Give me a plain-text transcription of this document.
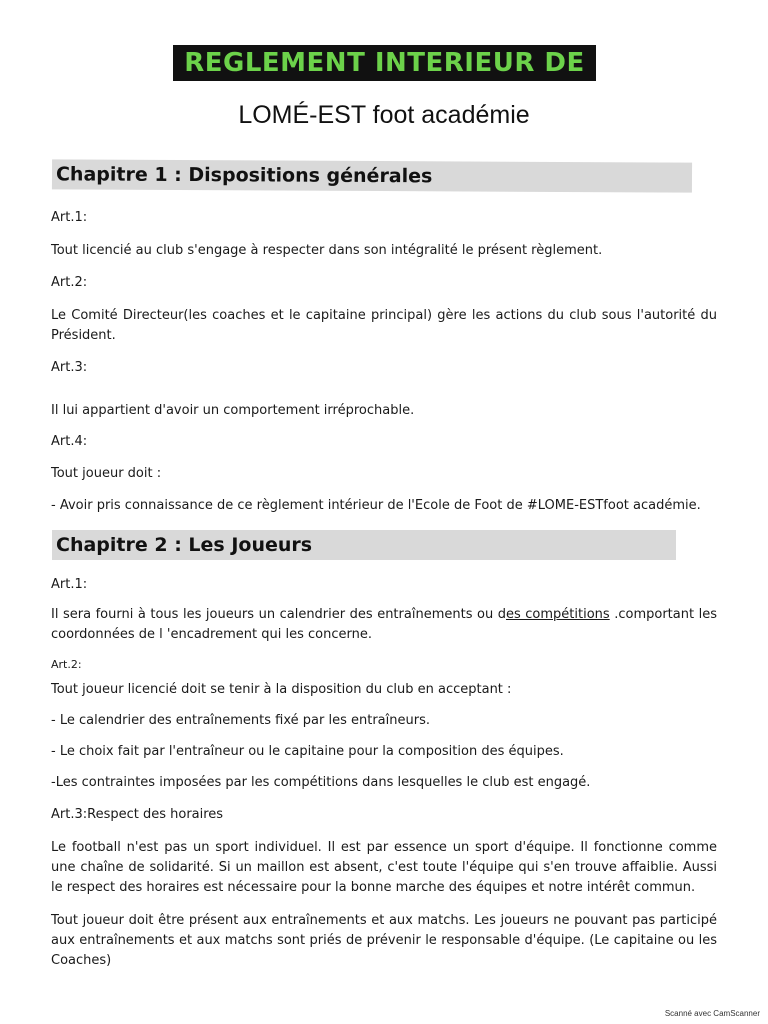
REGLEMENT INTERIEUR DE
LOMÉ-EST foot académie
Chapitre 1 : Dispositions générales
Art.1:
Tout licencié au club s'engage à respecter dans son intégralité le présent règlement.
Art.2:
Le Comité Directeur(les coaches et le capitaine principal) gère les actions du club sous l'autorité du Président.
Art.3:
Il lui appartient d'avoir un comportement irréprochable.
Art.4:
Tout joueur doit :
- Avoir pris connaissance de ce règlement intérieur de l'Ecole de Foot de #LOME-ESTfoot académie.
Chapitre 2 : Les Joueurs
Art.1:
Il sera fourni à tous les joueurs un calendrier des entraînements ou des compétitions .comportant les coordonnées de l 'encadrement qui les concerne.
Art.2:
Tout joueur licencié doit se tenir à la disposition du club en acceptant :
- Le calendrier des entraînements fixé par les entraîneurs.
- Le choix fait par l'entraîneur ou le capitaine pour la composition des équipes.
-Les contraintes imposées par les compétitions dans lesquelles le club est engagé.
Art.3:Respect des horaires
Le football n'est pas un sport individuel. Il est par essence un sport d'équipe. Il fonctionne comme une chaîne de solidarité. Si un maillon est absent, c'est toute l'équipe qui s'en trouve affaiblie. Aussi le respect des horaires est nécessaire pour la bonne marche des équipes et notre intérêt commun.
Tout joueur doit être présent aux entraînements et aux matchs. Les joueurs ne pouvant pas participé aux entraînements et aux matchs sont priés de prévenir le responsable d'équipe. (Le capitaine ou les Coaches)
Scanné avec CamScanner
